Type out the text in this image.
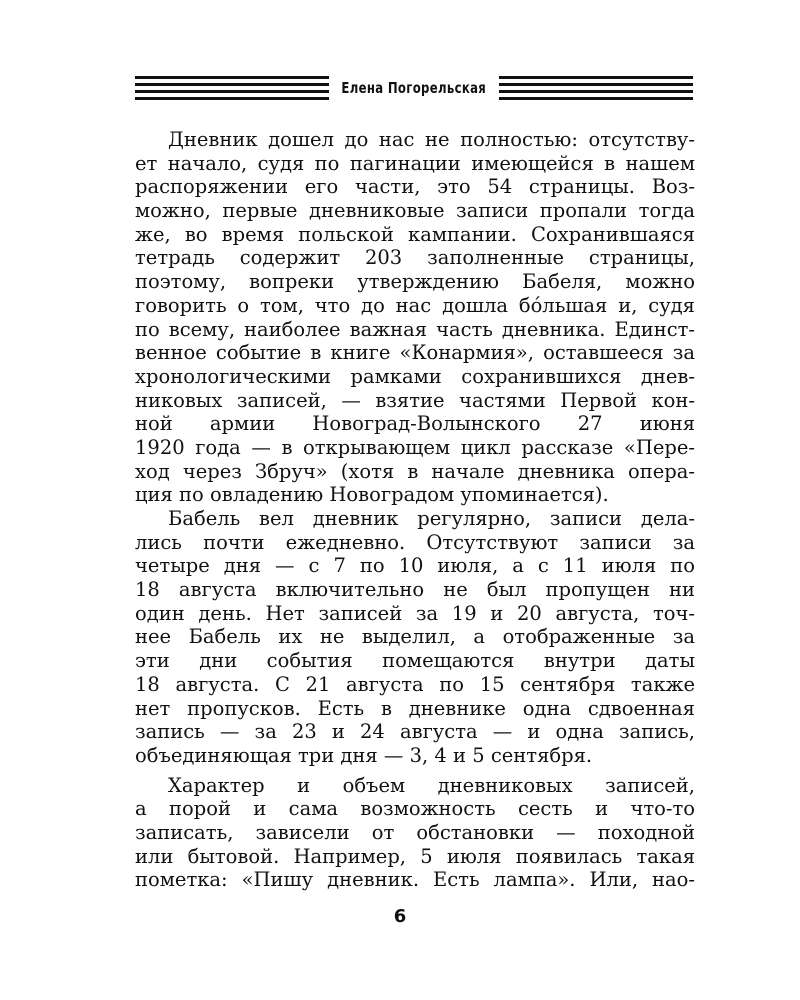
Елена Погорельская
Дневник дошел до нас не полностью: отсутству-
ет начало, судя по пагинации имеющейся в нашем
распоряжении его части, это 54 страницы. Воз-
можно, первые дневниковые записи пропали тогда
же, во время польской кампании. Сохранившаяся
тетрадь содержит 203 заполненные страницы,
поэтому, вопреки утверждению Бабеля, можно
говорить о том, что до нас дошла бóльшая и, судя
по всему, наиболее важная часть дневника. Единст-
венное событие в книге «Конармия», оставшееся за
хронологическими рамками сохранившихся днев-
никовых записей, — взятие частями Первой кон-
ной армии Новоград-Волынского 27 июня
1920 года — в открывающем цикл рассказе «Пере-
ход через Збруч» (хотя в начале дневника опера-
ция по овладению Новоградом упоминается).
Бабель вел дневник регулярно, записи дела-
лись почти ежедневно. Отсутствуют записи за
четыре дня — с 7 по 10 июля, а с 11 июля по
18 августа включительно не был пропущен ни
один день. Нет записей за 19 и 20 августа, точ-
нее Бабель их не выделил, а отображенные за
эти дни события помещаются внутри даты
18 августа. С 21 августа по 15 сентября также
нет пропусков. Есть в дневнике одна сдвоенная
запись — за 23 и 24 августа — и одна запись,
объединяющая три дня — 3, 4 и 5 сентября.
Характер и объем дневниковых записей,
а порой и сама возможность сесть и что-то
записать, зависели от обстановки — походной
или бытовой. Например, 5 июля появилась такая
пометка: «Пишу дневник. Есть лампа». Или, нао-
6
